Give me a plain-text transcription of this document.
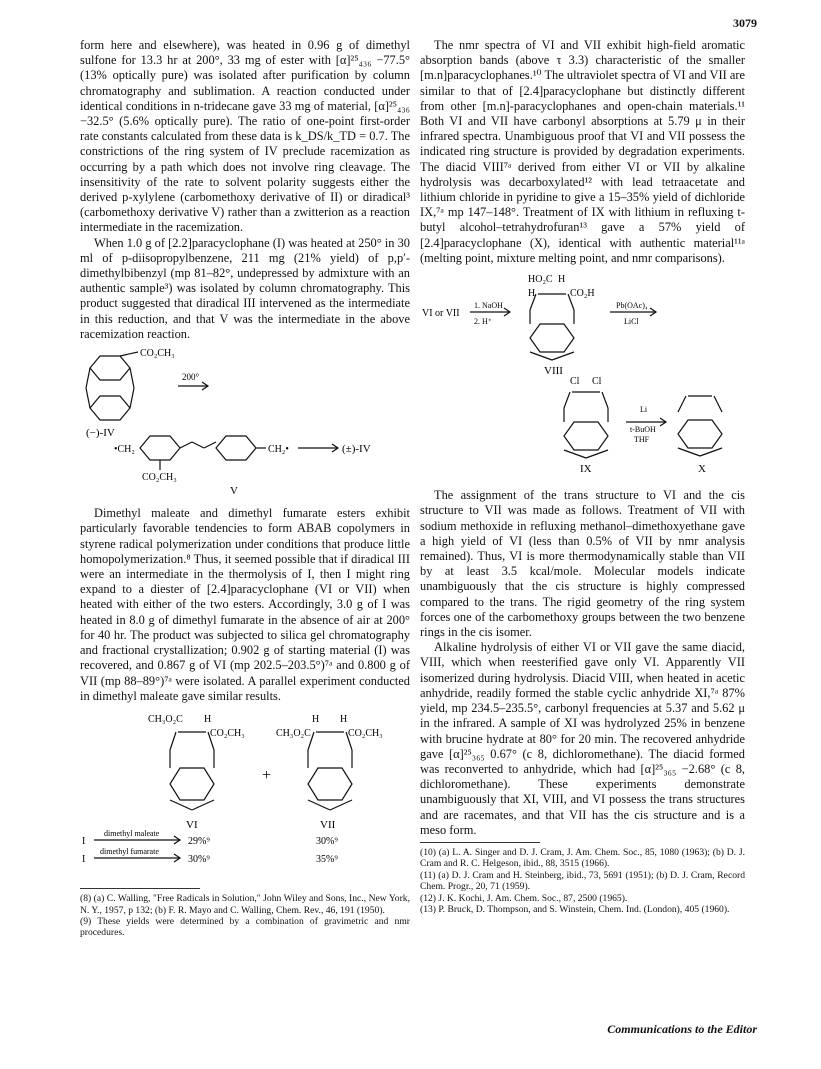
3079

form here and elsewhere), was heated in 0.96 g of dimethyl sulfone for 13.3 hr at 200°, 33 mg of ester with [α]²⁵₄₃₆ −77.5° (13% optically pure) was isolated after purification by column chromatography and sublimation. A reaction conducted under identical conditions in n-tridecane gave 33 mg of material, [α]²⁵₄₃₆ −32.5° (5.6% optically pure). The ratio of one-point first-order rate constants calculated from these data is k_DS/k_TD = 0.7. The constrictions of the ring system of IV preclude racemization as occurring by a path which does not involve ring cleavage. The insensitivity of the rate to solvent polarity suggests either the derived p-xylylene (carbomethoxy derivative of II) or diradical³ (carbomethoxy derivative V) rather than a zwitterion as a reaction intermediate in the racemization.

When 1.0 g of [2.2]paracyclophane (I) was heated at 250° in 30 ml of p-diisopropylbenzene, 211 mg (21% yield) of p,p′-dimethylbibenzyl (mp 81–82°, undepressed by admixture with an authentic sample³) was isolated by column chromatography. This product suggested that diradical III intervened as the intermediate in this reduction, and that V was the intermediate in the above racemization reaction.

CO₂CH₃
200°
(−)-IV
•CH₂	CH₂•	(±)-IV
CO₂CH₃
V

Dimethyl maleate and dimethyl fumarate esters exhibit particularly favorable tendencies to form ABAB copolymers in styrene radical polymerization under conditions that produce little homopolymerization.⁸ Thus, it seemed possible that if diradical III were an intermediate in the thermolysis of I, then I might ring expand to a diester of [2.4]paracyclophane (VI or VII) when heated with either of the two esters. Accordingly, 3.0 g of I was heated in 8.0 g of dimethyl fumarate in the absence of air at 200° for 40 hr. The product was subjected to silica gel chromatography and fractional crystallization; 0.902 g of starting material (I) was recovered, and 0.867 g of VI (mp 202.5–203.5°)⁷ᵃ and 0.800 g of VII (mp 88–89°)⁷ᵃ were isolated. A parallel experiment conducted in dimethyl maleate gave similar results.

CH₃O₂C H
CO₂CH₃	CH₃O₂C
H H
CO₂CH₃
+
VI	VII
I
I
dimethyl maleate
dimethyl fumarate
29%⁹
30%⁹
30%⁹
35%⁹

(8) (a) C. Walling, "Free Radicals in Solution," John Wiley and Sons, Inc., New York, N. Y., 1957, p 132; (b) F. R. Mayo and C. Walling, Chem. Rev., 46, 191 (1950).

(9) These yields were determined by a combination of gravimetric and nmr procedures.

The nmr spectra of VI and VII exhibit high-field aromatic absorption bands (above τ 3.3) characteristic of the smaller [m.n]paracyclophanes.¹⁰ The ultraviolet spectra of VI and VII are similar to that of [2.4]paracyclophane but distinctly different from other [m.n]-paracyclophanes and open-chain materials.¹¹ Both VI and VII have carbonyl absorptions at 5.79 μ in their infrared spectra. Unambiguous proof that VI and VII possess the indicated ring structure is provided by degradation experiments. The diacid VIII⁷ᵃ derived from either VI or VII by alkaline hydrolysis was decarboxylated¹² with lead tetraacetate and lithium chloride in pyridine to give a 15–35% yield of dichloride IX,⁷ᵃ mp 147–148°. Treatment of IX with lithium in refluxing t-butyl alcohol–tetrahydrofuran¹³ gave a 57% yield of [2.4]paracyclophane (X), identical with authentic material¹¹ᵃ (melting point, mixture melting point, and nmr comparisons).

VI or VII
1. NaOH
2. H⁺
HO₂C H
H	CO₂H
Pb(OAc)₄
LiCl
VIII
Cl Cl
Li
t-BuOH
THF
IX	X

The assignment of the trans structure to VI and the cis structure to VII was made as follows. Treatment of VII with sodium methoxide in refluxing methanol–dimethoxyethane gave a high yield of VI (less than 0.5% of VII by nmr analysis remained). Thus, VI is more thermodynamically stable than VII by at least 3.5 kcal/mole. Molecular models indicate unambiguously that the cis structure is highly compressed compared to the trans. The rigid geometry of the ring system forces one of the carbomethoxy groups between the two benzene rings in the cis isomer.

Alkaline hydrolysis of either VI or VII gave the same diacid, VIII, which when reesterified gave only VI. Apparently VII isomerized during hydrolysis. Diacid VIII, when heated in acetic anhydride, readily formed the stable cyclic anhydride XI,⁷ᵃ 87% yield, mp 234.5–235.5°, carbonyl frequencies at 5.37 and 5.62 μ in the infrared. A sample of XI was hydrolyzed 25% in benzene with brucine hydrate at 80° for 20 min. The recovered anhydride gave [α]²⁵₃₆₅ 0.67° (c 8, dichloromethane). The diacid formed was reconverted to anhydride, which had [α]²⁵₃₆₅ −2.68° (c 8, dichloromethane). These experiments demonstrate unambiguously that XI, VIII, and VI possess the trans structures and are racemates, and that VII has the cis structure and is a meso form.

(10) (a) L. A. Singer and D. J. Cram, J. Am. Chem. Soc., 85, 1080 (1963); (b) D. J. Cram and R. C. Helgeson, ibid., 88, 3515 (1966).

(11) (a) D. J. Cram and H. Steinberg, ibid., 73, 5691 (1951); (b) D. J. Cram, Record Chem. Progr., 20, 71 (1959).

(12) J. K. Kochi, J. Am. Chem. Soc., 87, 2500 (1965).

(13) P. Bruck, D. Thompson, and S. Winstein, Chem. Ind. (London), 405 (1960).

Communications to the Editor
